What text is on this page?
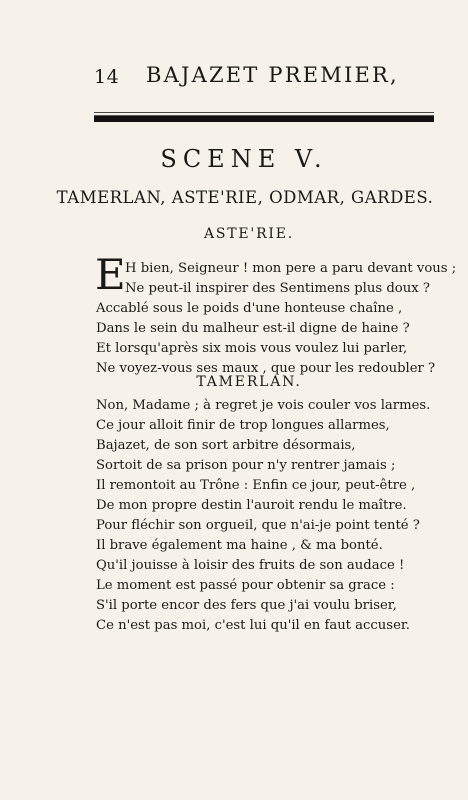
14 BAJAZET PREMIER,
SCENE V.
TAMERLAN, ASTE'RIE, ODMAR, GARDES.
ASTE'RIE.
E H bien, Seigneur ! mon pere a paru devant vous ;
Ne peut-il inspirer des Sentimens plus doux ?
Accablé sous le poids d'une honteuse chaîne ,
Dans le sein du malheur est-il digne de haine ?
Et lorsqu'après six mois vous voulez lui parler,
Ne voyez-vous ses maux , que pour les redoubler ?
TAMERLAN.
Non, Madame ; à regret je vois couler vos larmes.
Ce jour alloit finir de trop longues allarmes,
Bajazet, de son sort arbitre désormais,
Sortoit de sa prison pour n'y rentrer jamais ;
Il remontoit au Trône : Enfin ce jour, peut-être ,
De mon propre destin l'auroit rendu le maître.
Pour fléchir son orgueil, que n'ai-je point tenté ?
Il brave également ma haine , & ma bonté.
Qu'il jouisse à loisir des fruits de son audace !
Le moment est passé pour obtenir sa grace :
S'il porte encor des fers que j'ai voulu briser,
Ce n'est pas moi, c'est lui qu'il en faut accuser.
